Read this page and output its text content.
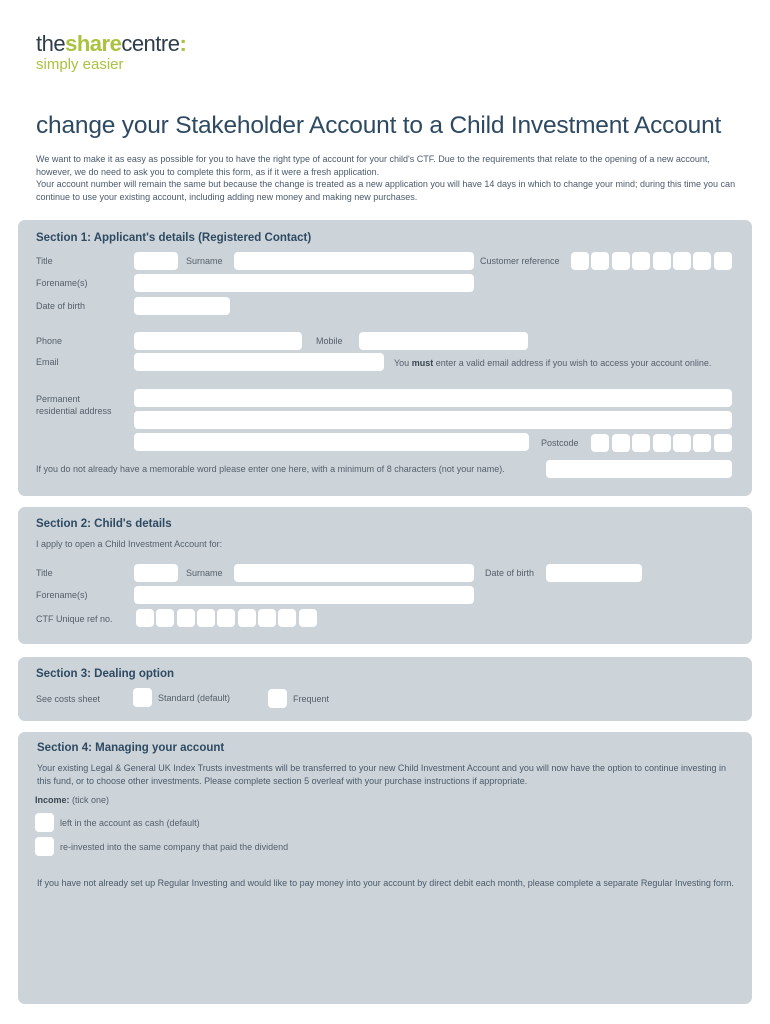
thesharecentre:
simply easier
change your Stakeholder Account to a Child Investment Account
We want to make it as easy as possible for you to have the right type of account for your child's CTF. Due to the requirements that relate to the opening of a new account, however, we do need to ask you to complete this form, as if it were a fresh application.
Your account number will remain the same but because the change is treated as a new application you will have 14 days in which to change your mind; during this time you can continue to use your existing account, including adding new money and making new purchases.
Section 1: Applicant's details (Registered Contact)
Title	Surname	Customer reference
Forename(s)
Date of birth
Phone	Mobile
Email	You must enter a valid email address if you wish to access your account online.
Permanent
residential address
Postcode
If you do not already have a memorable word please enter one here, with a minimum of 8 characters (not your name).
Section 2: Child's details
I apply to open a Child Investment Account for:
Title	Surname	Date of birth
Forename(s)
CTF Unique ref no.
Section 3: Dealing option
See costs sheet	Standard (default)	Frequent
Section 4: Managing your account
Your existing Legal & General UK Index Trusts investments will be transferred to your new Child Investment Account and you will now have the option to continue investing in this fund, or to choose other investments. Please complete section 5 overleaf with your purchase instructions if appropriate.
Income: (tick one)
left in the account as cash (default)
re-invested into the same company that paid the dividend
If you have not already set up Regular Investing and would like to pay money into your account by direct debit each month, please complete a separate Regular Investing form.
